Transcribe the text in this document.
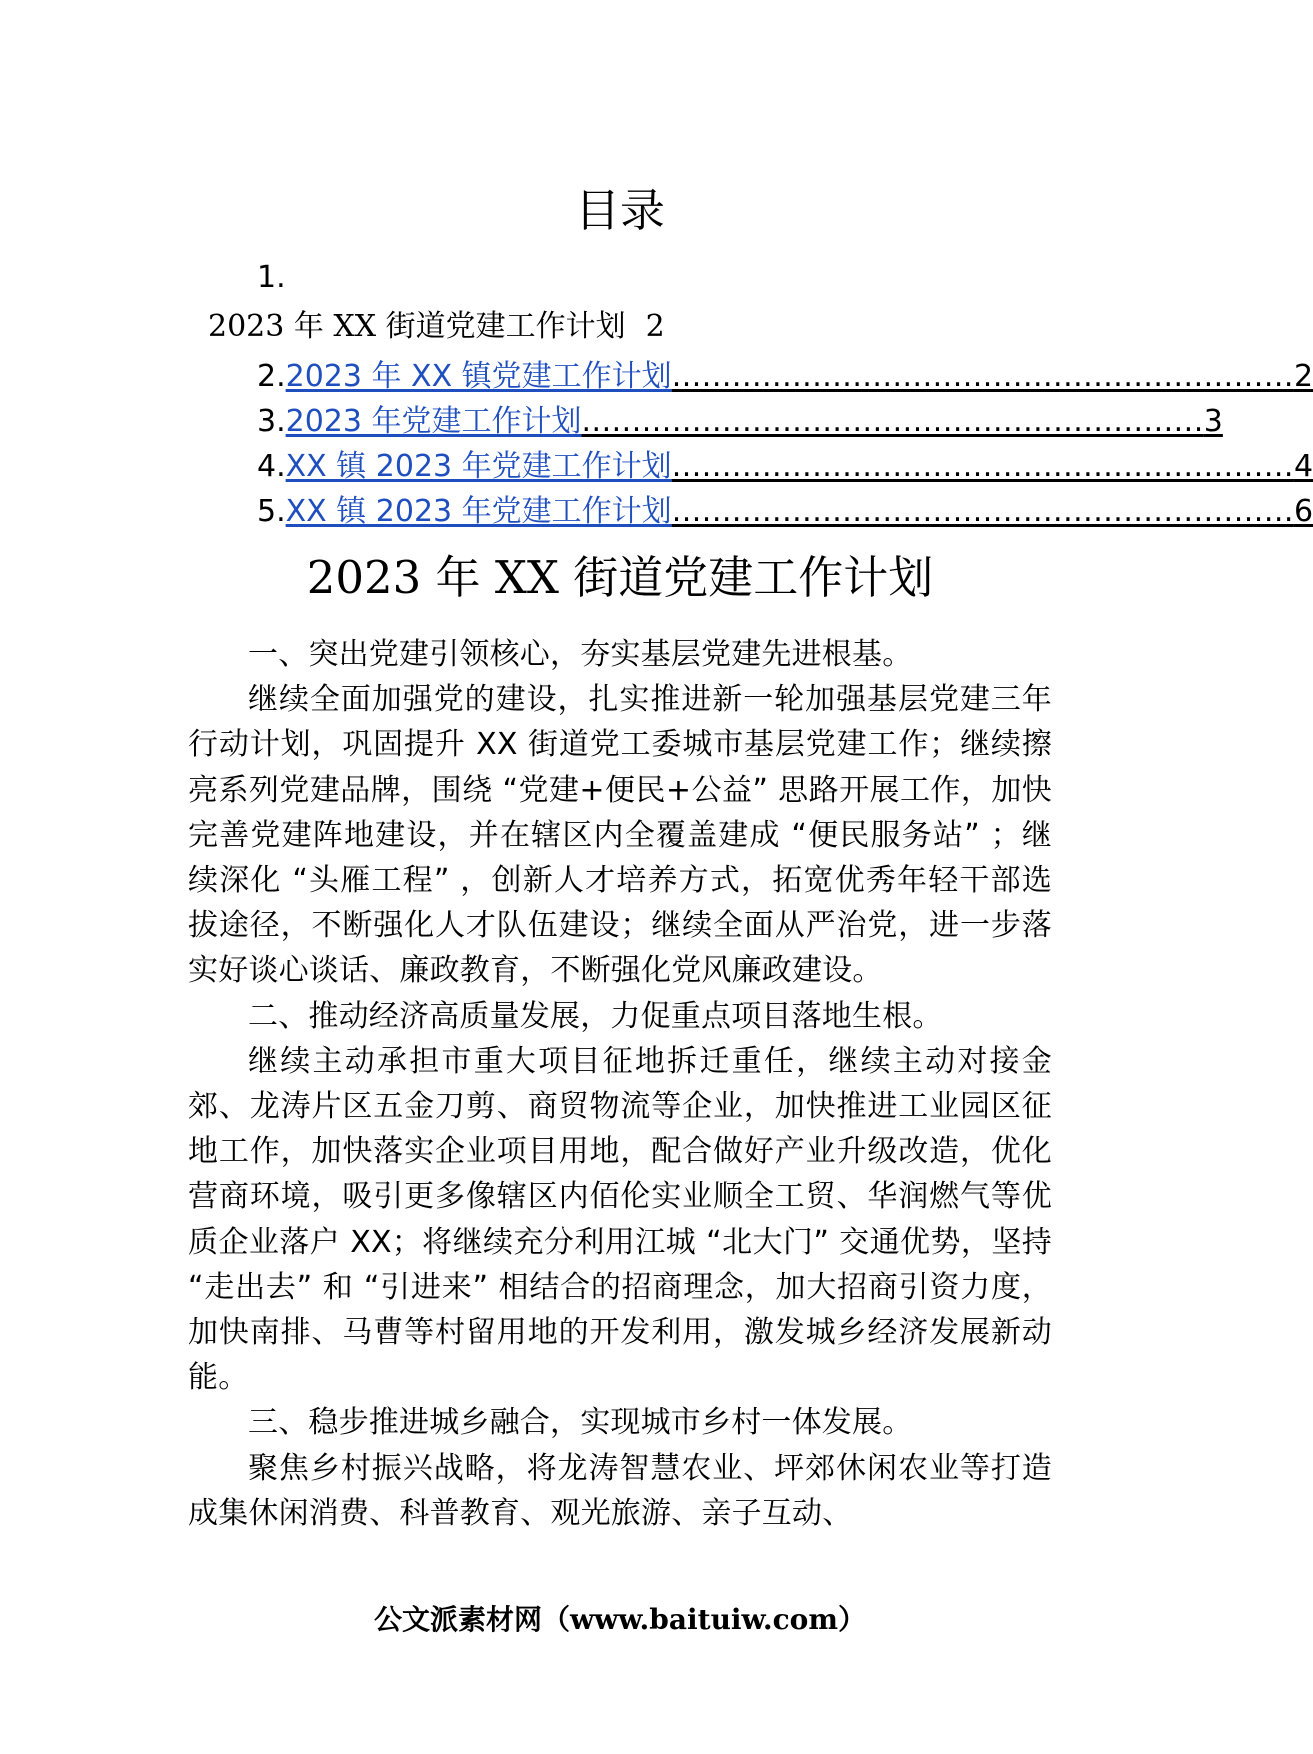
目录
1.
2023 年 XX 街道党建工作计划 2
2. 2023 年 XX 镇党建工作计划 .............................................................. 2
3. 2023 年党建工作计划 .............................................................. 3
4. XX 镇 2023 年党建工作计划 .............................................................. 4
5. XX 镇 2023 年党建工作计划 .............................................................. 6
2023 年 XX 街道党建工作计划

一、突出党建引领核心，夯实基层党建先进根基。

继续全面加强党的建设，扎实推进新一轮加强基层党建三年行动计划，巩固提升 XX 街道党工委城市基层党建工作；继续擦亮系列党建品牌，围绕 “党建+便民+公益” 思路开展工作，加快完善党建阵地建设，并在辖区内全覆盖建成 “便民服务站” ；继续深化 “头雁工程” ，创新人才培养方式，拓宽优秀年轻干部选拔途径，不断强化人才队伍建设；继续全面从严治党，进一步落实好谈心谈话、廉政教育，不断强化党风廉政建设。

二、推动经济高质量发展，力促重点项目落地生根。

继续主动承担市重大项目征地拆迁重任，继续主动对接金郊、龙涛片区五金刀剪、商贸物流等企业，加快推进工业园区征地工作，加快落实企业项目用地，配合做好产业升级改造，优化营商环境，吸引更多像辖区内佰伦实业顺全工贸、华润燃气等优质企业落户 XX；将继续充分利用江城 “北大门” 交通优势，坚持 “走出去” 和 “引进来” 相结合的招商理念，加大招商引资力度，加快南排、马曹等村留用地的开发利用，激发城乡经济发展新动能。

三、稳步推进城乡融合，实现城市乡村一体发展。

聚焦乡村振兴战略，将龙涛智慧农业、坪郊休闲农业等打造成集休闲消费、科普教育、观光旅游、亲子互动、

公文派素材网（www.baituiw.com）
